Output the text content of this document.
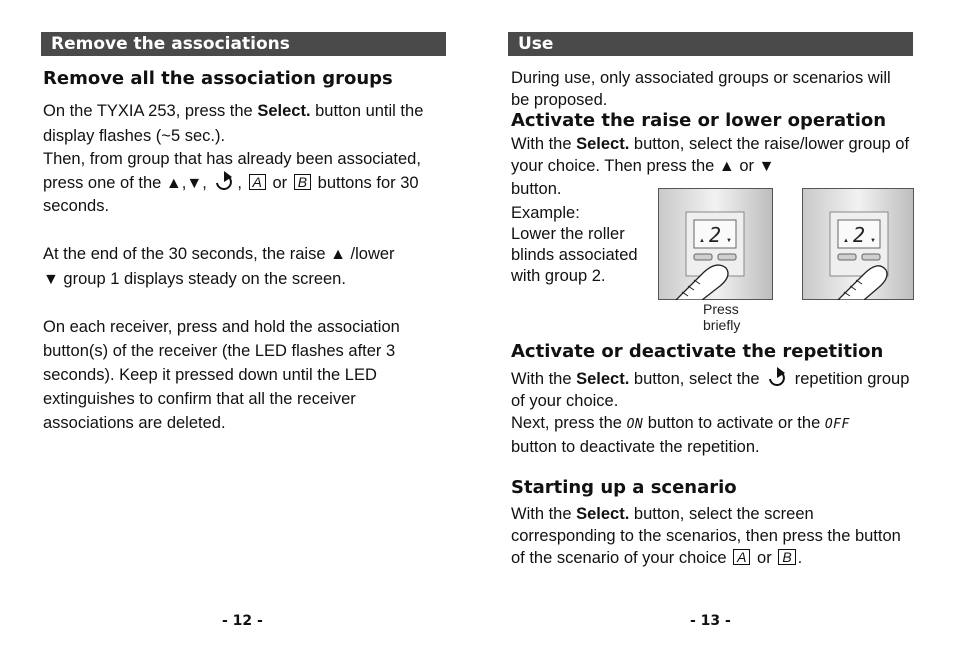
Remove the associations
Remove all the association groups
On the TYXIA 253, press the Select. button until the display flashes (~5 sec.).
Then, from group that has already been associated, press one of the ▲,▼, , A or B buttons for 30 seconds.
At the end of the 30 seconds, the raise ▲ /lower
▼ group 1 displays steady on the screen.
On each receiver, press and hold the association button(s) of the receiver (the LED flashes after 3 seconds). Keep it pressed down until the LED extinguishes to confirm that all the receiver associations are deleted.
- 12 -
Use
During use, only associated groups or scenarios will be proposed.
Activate the raise or lower operation
With the Select. button, select the raise/lower group of your choice. Then press the ▲ or ▼
button.
Example:
Lower the roller blinds associated with group 2.
2
▲	▼	2
▲	▼
Press briefly
Activate or deactivate the repetition
With the Select. button, select the  repetition group of your choice.
Next, press the ON button to activate or the OFF
button to deactivate the repetition.
Starting up a scenario
With the Select. button, select the screen corresponding to the scenarios, then press the button of the scenario of your choice A or B .
- 13 -
